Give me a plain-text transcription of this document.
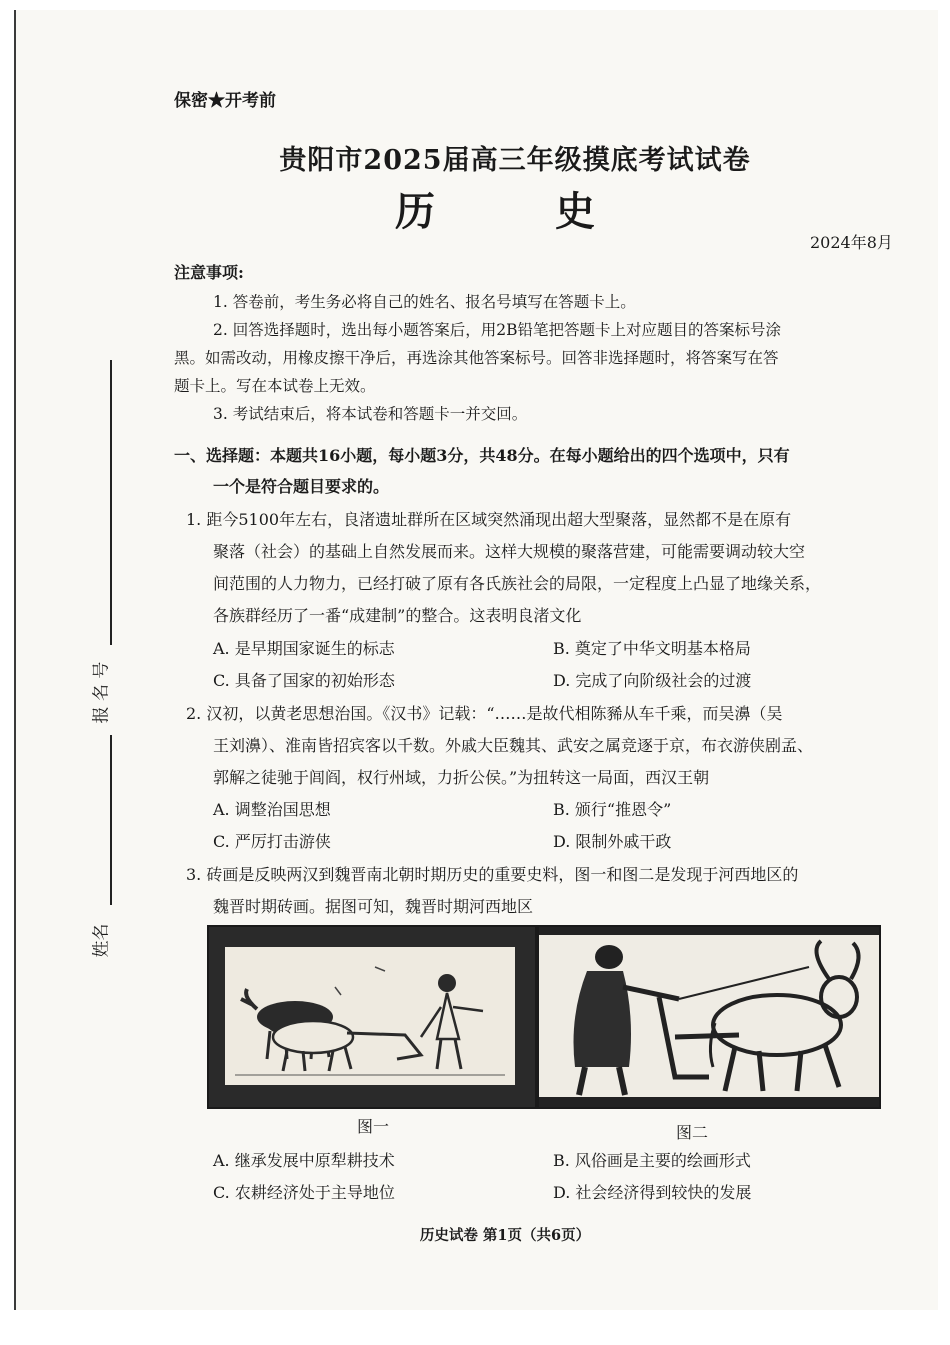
保密★开考前
贵阳市2025届高三年级摸底考试试卷
历　史
2024年8月
注意事项:
1. 答卷前，考生务必将自己的姓名、报名号填写在答题卡上。
2. 回答选择题时，选出每小题答案后，用2B铅笔把答题卡上对应题目的答案标号涂
黑。如需改动，用橡皮擦干净后，再选涂其他答案标号。回答非选择题时，将答案写在答
题卡上。写在本试卷上无效。
3. 考试结束后，将本试卷和答题卡一并交回。
报 名 号
姓名
一、选择题：本题共16小题，每小题3分，共48分。在每小题给出的四个选项中，只有
一个是符合题目要求的。
1. 距今5100年左右，良渚遗址群所在区域突然涌现出超大型聚落，显然都不是在原有
聚落（社会）的基础上自然发展而来。这样大规模的聚落营建，可能需要调动较大空
间范围的人力物力，已经打破了原有各氏族社会的局限，一定程度上凸显了地缘关系，
各族群经历了一番“成建制”的整合。这表明良渚文化
A. 是早期国家诞生的标志	B. 奠定了中华文明基本格局
C. 具备了国家的初始形态	D. 完成了向阶级社会的过渡
2. 汉初，以黄老思想治国。《汉书》记载：“……是故代相陈豨从车千乘，而吴濞（吴
王刘濞）、淮南皆招宾客以千数。外戚大臣魏其、武安之属竞逐于京，布衣游侠剧孟、
郭解之徒驰于闾阎，权行州域，力折公侯。”为扭转这一局面，西汉王朝
A. 调整治国思想	B. 颁行“推恩令”
C. 严厉打击游侠	D. 限制外戚干政
3. 砖画是反映两汉到魏晋南北朝时期历史的重要史料，图一和图二是发现于河西地区的
魏晋时期砖画。据图可知，魏晋时期河西地区
图一	图二
A. 继承发展中原犁耕技术	B. 风俗画是主要的绘画形式
C. 农耕经济处于主导地位	D. 社会经济得到较快的发展
历史试卷 第1页（共6页）
